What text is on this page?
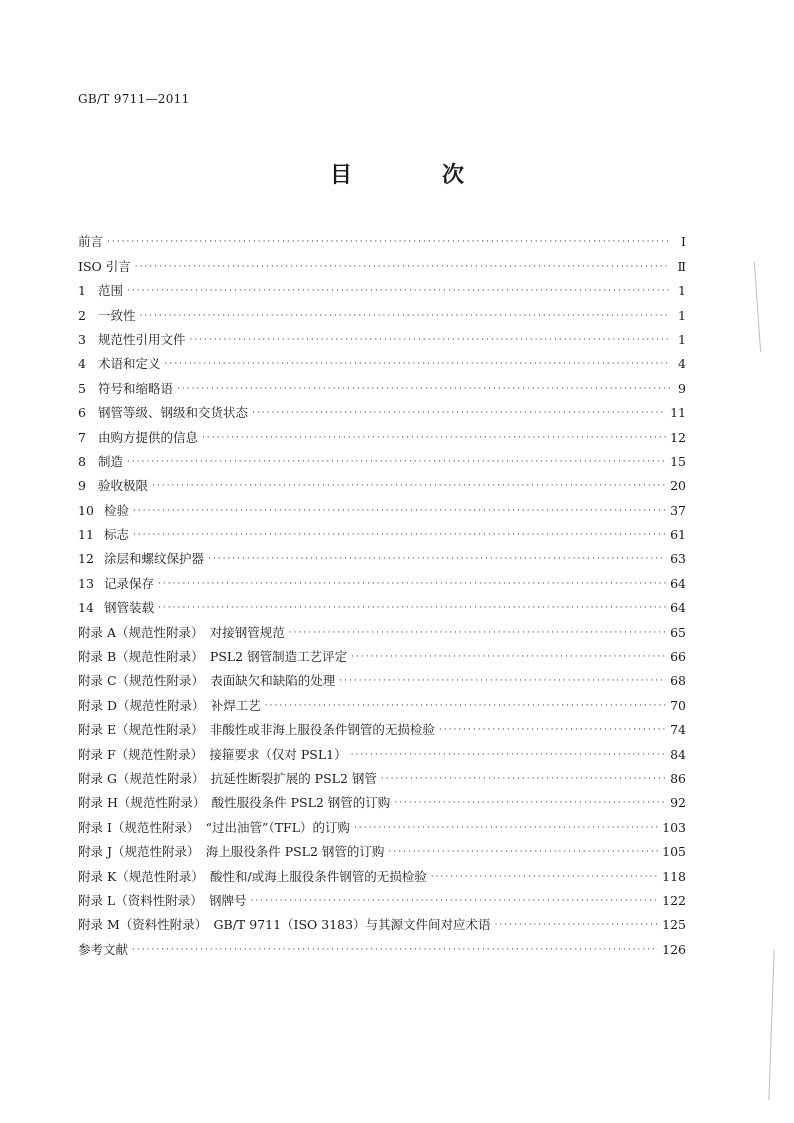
GB/T 9711—2011
目　次
前言 ·····	Ⅰ
ISO 引言 ·····	Ⅱ
1 范围 ·····	1
2 一致性 ·····	1
3 规范性引用文件 ·····	1
4 术语和定义 ·····	4
5 符号和缩略语 ·····	9
6 钢管等级、钢级和交货状态 ·····	11
7 由购方提供的信息 ·····	12
8 制造 ·····	15
9 验收极限 ·····	20
10 检验 ·····	37
11 标志 ·····	61
12 涂层和螺纹保护器 ·····	63
13 记录保存 ·····	64
14 钢管装载 ·····	64
附录 A（规范性附录）　对接钢管规范 ·····	65
附录 B（规范性附录）　PSL2 钢管制造工艺评定 ·····	66
附录 C（规范性附录）　表面缺欠和缺陷的处理 ·····	68
附录 D（规范性附录）　补焊工艺 ·····	70
附录 E（规范性附录）　非酸性或非海上服役条件钢管的无损检验 ·····	74
附录 F（规范性附录）　接箍要求（仅对 PSL1） ·····	84
附录 G（规范性附录）　抗延性断裂扩展的 PSL2 钢管 ·····	86
附录 H（规范性附录）　酸性服役条件 PSL2 钢管的订购 ·····	92
附录 I（规范性附录）　“过出油管”（TFL）的订购 ·····	103
附录 J（规范性附录）　海上服役条件 PSL2 钢管的订购 ·····	105
附录 K（规范性附录）　酸性和/或海上服役条件钢管的无损检验 ·····	118
附录 L（资料性附录）　钢牌号 ·····	122
附录 M（资料性附录）　GB/T 9711（ISO 3183）与其源文件间对应术语 ·····	125
参考文献 ·····	126
